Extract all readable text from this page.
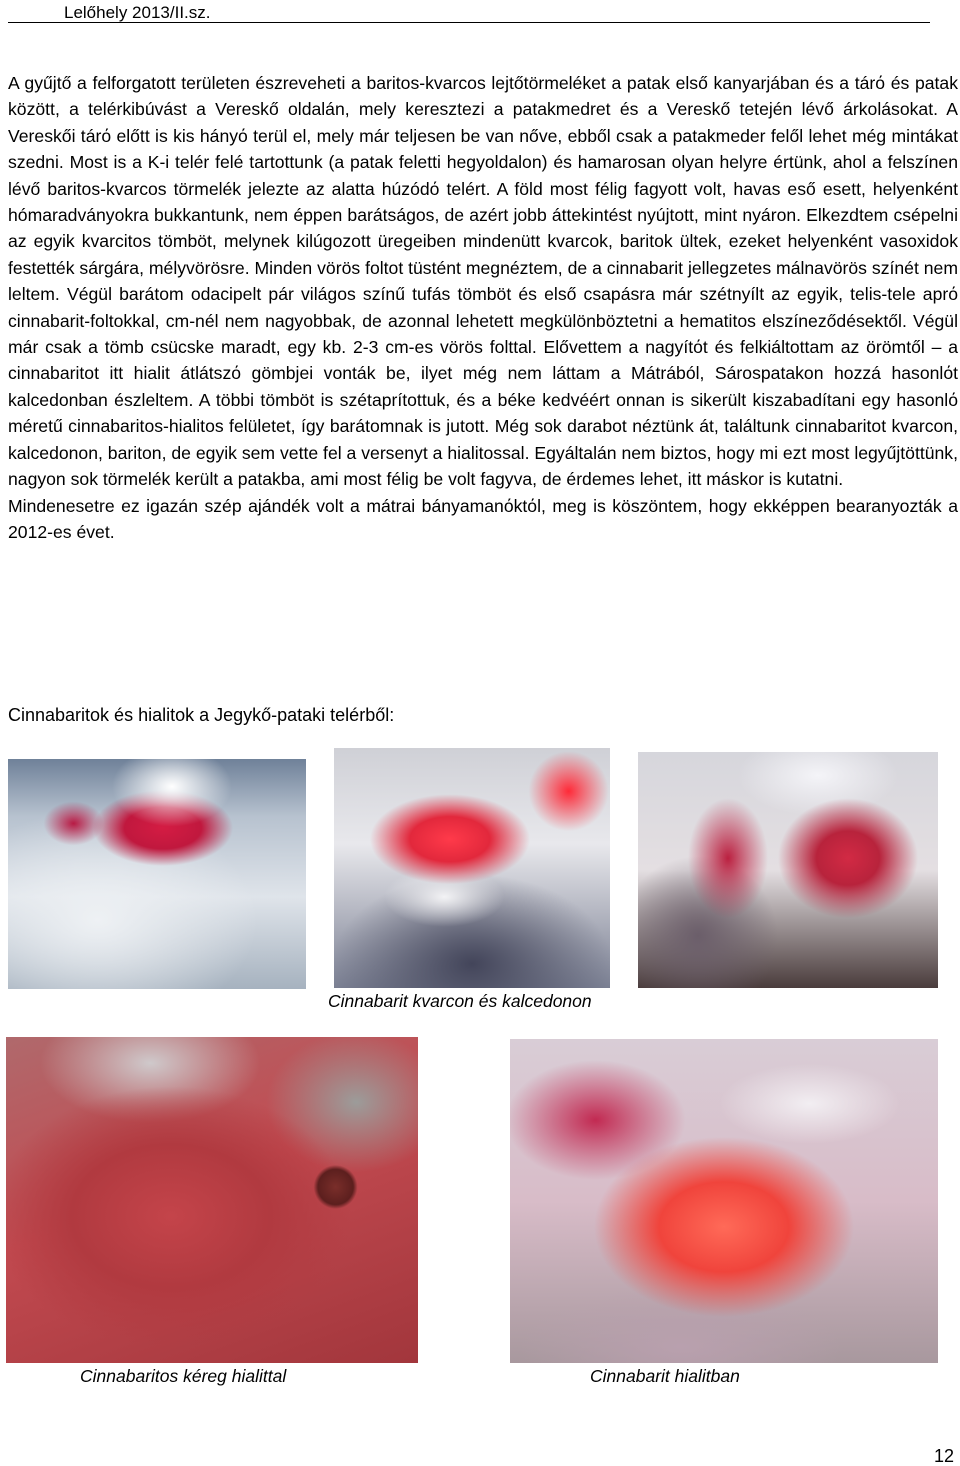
Lelőhely 2013/II.sz.

A gyűjtő a felforgatott területen észreveheti a baritos-kvarcos lejtőtörmeléket a patak első kanyarjában és a tárό és patak között, a telérkibúvást a Vereskő oldalán, mely keresztezi a patakmedret és a Vereskő tetején lévő árkolásokat. A Vereskői tárό előtt is kis hányό terül el, mely már teljesen be van nőve, ebből csak a patakmeder felől lehet még mintákat szedni. Most is a K-i telér felé tartottunk (a patak feletti hegyoldalon) és hamarosan olyan helyre értünk, ahol a felszínen lévő baritos-kvarcos törmelék jelezte az alatta húzódό telért. A föld most félig fagyott volt, havas eső esett, helyenként hómaradványokra bukkantunk, nem éppen barátságos, de azért jobb áttekintést nyújtott, mint nyáron. Elkezdtem csépelni az egyik kvarcitos tömböt, melynek kilúgozott üregeiben mindenütt kvarcok, baritok ültek, ezeket helyenként vasoxidok festették sárgára, mélyvörösre. Minden vörös foltot tüstént megnéztem, de a cinnabarit jellegzetes málnavörös színét nem leltem. Végül barátom odacipelt pár világos színű tufás tömböt és első csapásra már szétnyílt az egyik, telis-tele aprό cinnabarit-foltokkal, cm-nél nem nagyobbak, de azonnal lehetett megkülönböztetni a hematitos elszíneződésektől. Végül már csak a tömb csücske maradt, egy kb. 2-3 cm-es vörös folttal. Elővettem a nagyítόt és felkiáltottam az örömtől – a cinnabaritot itt hialit átlátszό gömbjei vonták be, ilyet még nem láttam a Mátrából, Sárospatakon hozzá hasonlόt kalcedonban észleltem. A többi tömböt is szétaprítottuk, és a béke kedvéért onnan is sikerült kiszabadítani egy hasonlό méretű cinnabaritos-hialitos felületet, így barátomnak is jutott. Még sok darabot néztünk át, találtunk cinnabaritot kvarcon, kalcedonon, bariton, de egyik sem vette fel a versenyt a hialitossal. Egyáltalán nem biztos, hogy mi ezt most legyűjtöttünk, nagyon sok törmelék került a patakba, ami most félig be volt fagyva, de érdemes lehet, itt máskor is kutatni.

Mindenesetre ez igazán szép ajándék volt a mátrai bányamanόktόl, meg is köszöntem, hogy ekképpen bearanyozták a 2012-es évet.

Cinnabaritok és hialitok a Jegykő-pataki telérből:

Cinnabarit kvarcon és kalcedonon
Cinnabaritos kéreg hialittal	Cinnabarit hialitban
12
